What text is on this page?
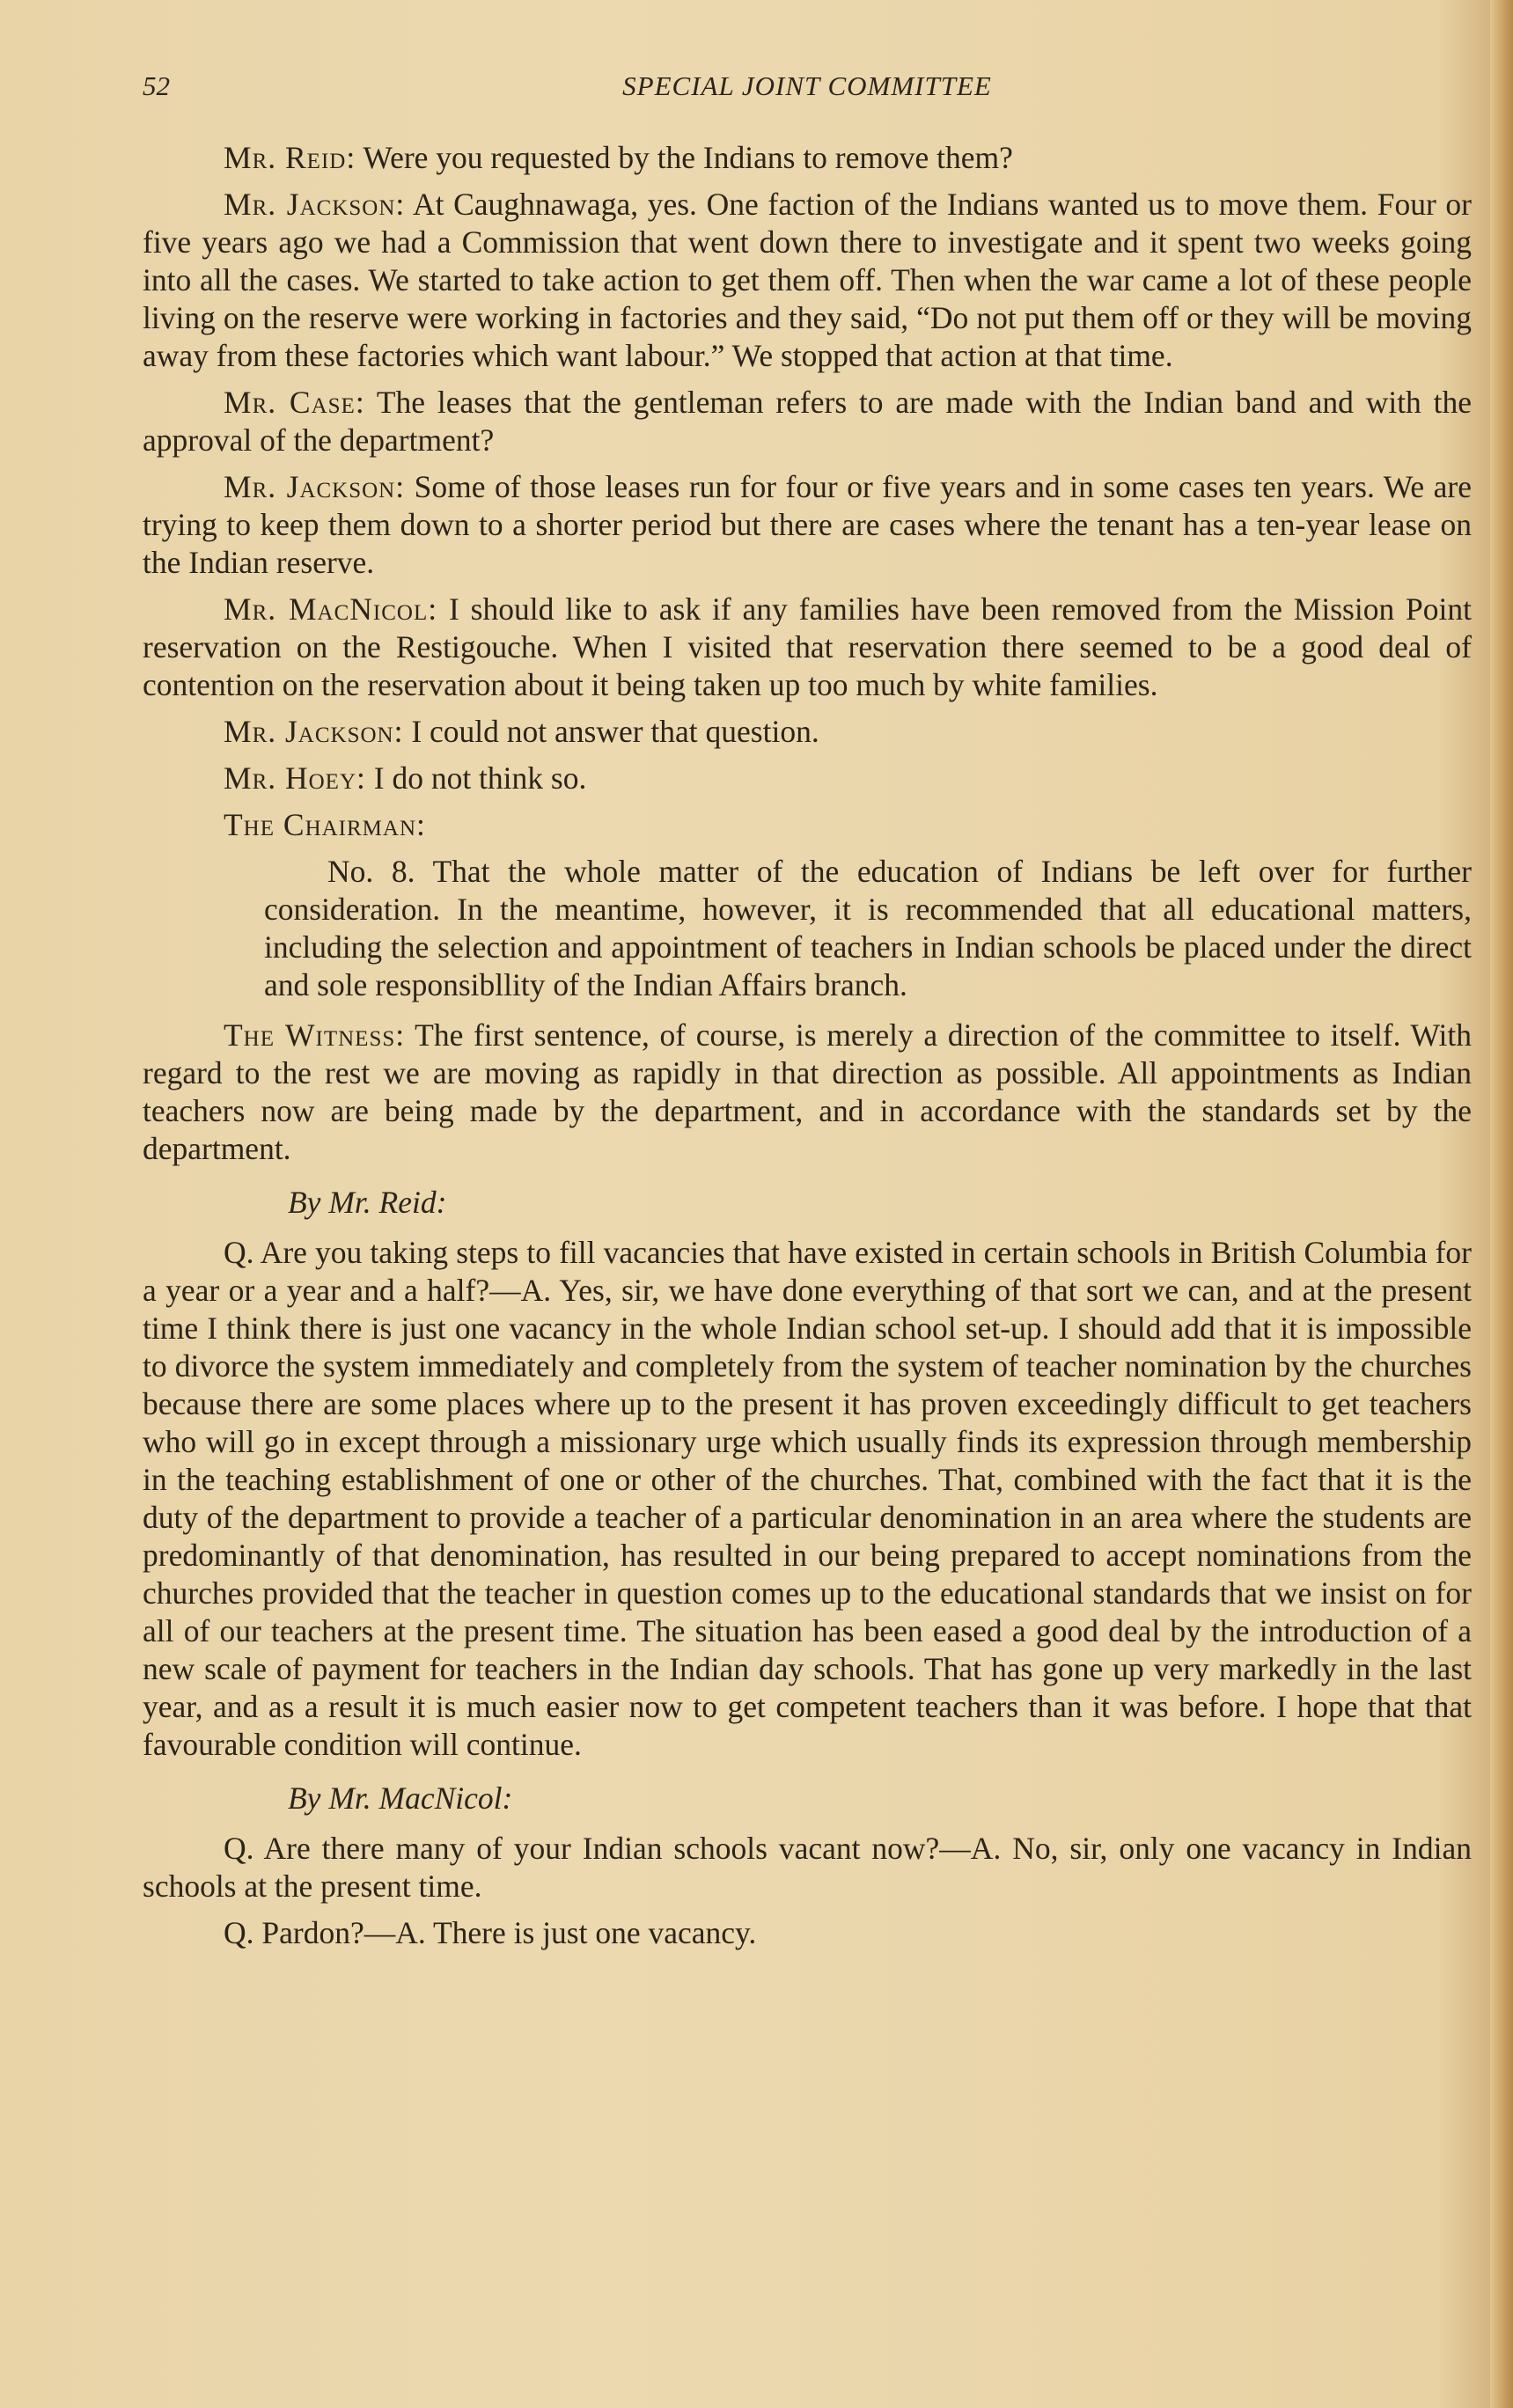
52	SPECIAL JOINT COMMITTEE

Mr. Reid: Were you requested by the Indians to remove them?

Mr. Jackson: At Caughnawaga, yes. One faction of the Indians wanted us to move them. Four or five years ago we had a Commission that went down there to investigate and it spent two weeks going into all the cases. We started to take action to get them off. Then when the war came a lot of these people living on the reserve were working in factories and they said, “Do not put them off or they will be moving away from these factories which want labour.” We stopped that action at that time.

Mr. Case: The leases that the gentleman refers to are made with the Indian band and with the approval of the department?

Mr. Jackson: Some of those leases run for four or five years and in some cases ten years. We are trying to keep them down to a shorter period but there are cases where the tenant has a ten-year lease on the Indian reserve.

Mr. MacNicol: I should like to ask if any families have been removed from the Mission Point reservation on the Restigouche. When I visited that reservation there seemed to be a good deal of contention on the reservation about it being taken up too much by white families.

Mr. Jackson: I could not answer that question.

Mr. Hoey: I do not think so.

The Chairman:

No. 8. That the whole matter of the education of Indians be left over for further consideration. In the meantime, however, it is recommended that all educational matters, including the selection and appointment of teachers in Indian schools be placed under the direct and sole responsibllity of the Indian Affairs branch.

The Witness: The first sentence, of course, is merely a direction of the committee to itself. With regard to the rest we are moving as rapidly in that direction as possible. All appointments as Indian teachers now are being made by the department, and in accordance with the standards set by the department.

By Mr. Reid:

Q. Are you taking steps to fill vacancies that have existed in certain schools in British Columbia for a year or a year and a half?—A. Yes, sir, we have done everything of that sort we can, and at the present time I think there is just one vacancy in the whole Indian school set-up. I should add that it is impossible to divorce the system immediately and completely from the system of teacher nomination by the churches because there are some places where up to the present it has proven exceedingly difficult to get teachers who will go in except through a missionary urge which usually finds its expression through membership in the teaching establishment of one or other of the churches. That, combined with the fact that it is the duty of the department to provide a teacher of a particular denomination in an area where the students are predominantly of that denomination, has resulted in our being prepared to accept nominations from the churches provided that the teacher in question comes up to the educational standards that we insist on for all of our teachers at the present time. The situation has been eased a good deal by the introduction of a new scale of payment for teachers in the Indian day schools. That has gone up very markedly in the last year, and as a result it is much easier now to get competent teachers than it was before. I hope that that favourable condition will continue.

By Mr. MacNicol:

Q. Are there many of your Indian schools vacant now?—A. No, sir, only one vacancy in Indian schools at the present time.

Q. Pardon?—A. There is just one vacancy.
